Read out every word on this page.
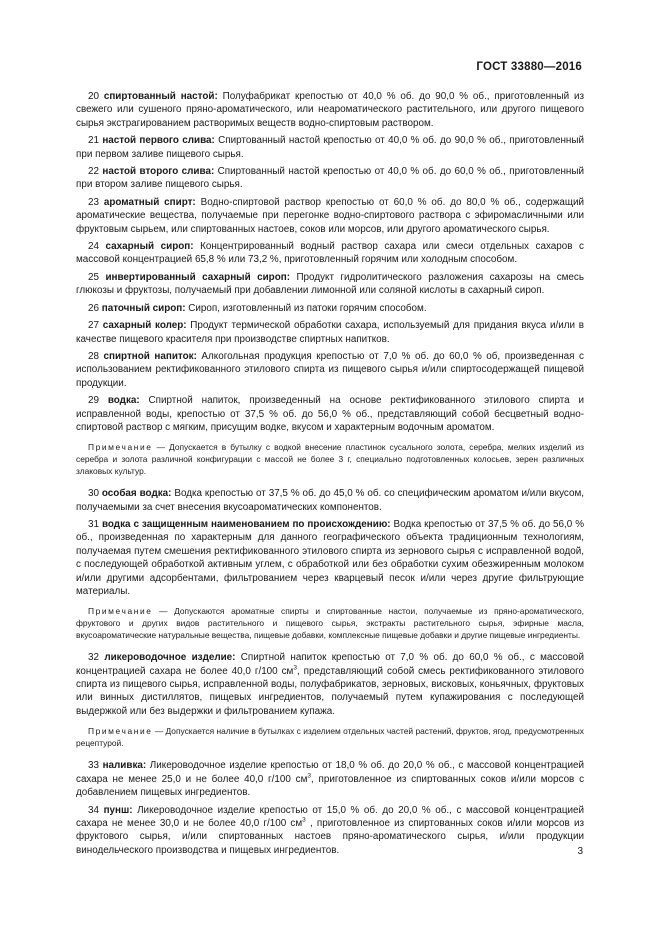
ГОСТ 33880—2016

20 спиртованный настой: Полуфабрикат крепостью от 40,0 % об. до 90,0 % об., приготовленный из свежего или сушеного пряно-ароматического, или неароматического растительного, или другого пищевого сырья экстрагированием растворимых веществ водно-спиртовым раствором.

21 настой первого слива: Спиртованный настой крепостью от 40,0 % об. до 90,0 % об., приготовленный при первом заливе пищевого сырья.

22 настой второго слива: Спиртованный настой крепостью от 40,0 % об. до 60,0 % об., приготовленный при втором заливе пищевого сырья.

23 ароматный спирт: Водно-спиртовой раствор крепостью от 60,0 % об. до 80,0 % об., содержащий ароматические вещества, получаемые при перегонке водно-спиртового раствора с эфиромасличными или фруктовым сырьем, или спиртованных настоев, соков или морсов, или другого ароматического сырья.

24 сахарный сироп: Концентрированный водный раствор сахара или смеси отдельных сахаров с массовой концентрацией 65,8 % или 73,2 %, приготовленный горячим или холодным способом.

25 инвертированный сахарный сироп: Продукт гидролитического разложения сахарозы на смесь глюкозы и фруктозы, получаемый при добавлении лимонной или соляной кислоты в сахарный сироп.

26 паточный сироп: Сироп, изготовленный из патоки горячим способом.

27 сахарный колер: Продукт термической обработки сахара, используемый для придания вкуса и/или в качестве пищевого красителя при производстве спиртных напитков.

28 спиртной напиток: Алкогольная продукция крепостью от 7,0 % об. до 60,0 % об, произведенная с использованием ректификованного этилового спирта из пищевого сырья и/или спиртосодержащей пищевой продукции.

29 водка: Спиртной напиток, произведенный на основе ректификованного этилового спирта и исправленной воды, крепостью от 37,5 % об. до 56,0 % об., представляющий собой бесцветный водно-спиртовой раствор с мягким, присущим водке, вкусом и характерным водочным ароматом.

Примечание — Допускается в бутылку с водкой внесение пластинок сусального золота, серебра, мелких изделий из серебра и золота различной конфигурации с массой не более 3 г, специально подготовленных колосьев, зерен различных злаковых культур.

30 особая водка: Водка крепостью от 37,5 % об. до 45,0 % об. со специфическим ароматом и/или вкусом, получаемыми за счет внесения вкусоароматических компонентов.

31 водка с защищенным наименованием по происхождению: Водка крепостью от 37,5 % об. до 56,0 % об., произведенная по характерным для данного географического объекта традиционным технологиям, получаемая путем смешения ректификованного этилового спирта из зернового сырья с исправленной водой, с последующей обработкой активным углем, с обработкой или без обработки сухим обезжиренным молоком и/или другими адсорбентами, фильтрованием через кварцевый песок и/или через другие фильтрующие материалы.

Примечание — Допускаются ароматные спирты и спиртованные настои, получаемые из пряно-ароматического, фруктового и других видов растительного и пищевого сырья, экстракты растительного сырья, эфирные масла, вкусоароматические натуральные вещества, пищевые добавки, комплексные пищевые добавки и другие пищевые ингредиенты.

32 ликероводочное изделие: Спиртной напиток крепостью от 7,0 % об. до 60,0 % об., с массовой концентрацией сахара не более 40,0 г/100 $см^3$, представляющий собой смесь ректификованного этилового спирта из пищевого сырья, исправленной воды, полуфабрикатов, зерновых, висковых, коньячных, фруктовых или винных дистиллятов, пищевых ингредиентов, получаемый путем купажирования с последующей выдержкой или без выдержки и фильтрованием купажа.

Примечание — Допускается наличие в бутылках с изделием отдельных частей растений, фруктов, ягод, предусмотренных рецептурой.

33 наливка: Ликероводочное изделие крепостью от 18,0 % об. до 20,0 % об., с массовой концентрацией сахара не менее 25,0 и не более 40,0 г/100 $см^3$, приготовленное из спиртованных соков и/или морсов с добавлением пищевых ингредиентов.

34 пунш: Ликероводочное изделие крепостью от 15,0 % об. до 20,0 % об., с массовой концентрацией сахара не менее 30,0 и не более 40,0 г/100 $см^3$ , приготовленное из спиртованных соков и/или морсов из фруктового сырья, и/или спиртованных настоев пряно-ароматического сырья, и/или продукции винодельческого производства и пищевых ингредиентов.	3
